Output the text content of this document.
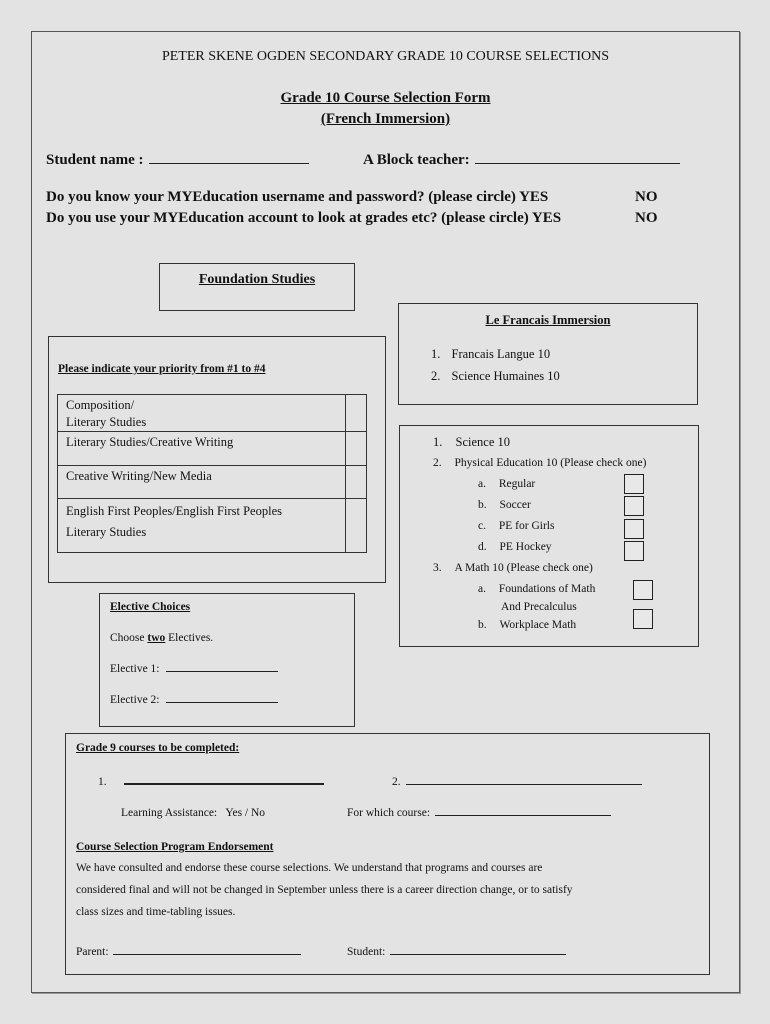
PETER SKENE OGDEN SECONDARY GRADE 10 COURSE SELECTIONS
Grade 10 Course Selection Form
(French Immersion)
Student name :	A Block teacher:
Do you know your MYEducation username and password? (please circle) YES	NO
Do you use your MYEducation account to look at grades etc? (please circle) YES	NO
Foundation Studies
Please indicate your priority from #1 to #4
Composition/
Literary Studies	
Literary Studies/Creative Writing	
Creative Writing/New Media	
English First Peoples/English First Peoples
Literary Studies	
Elective Choices
Choose two Electives.
Elective 1:
Elective 2:
Le Francais Immersion
1. Francais Langue 10
2. Science Humaines 10
1. Science 10
2. Physical Education 10 (Please check one)
a. Regular
b. Soccer
c. PE for Girls
d. PE Hockey
3. A Math 10 (Please check one)
a. Foundations of Math
And Precalculus
b. Workplace Math
Grade 9 courses to be completed:
1.	2.
Learning Assistance:   Yes / No	For which course:
Course Selection Program Endorsement
We have consulted and endorse these course selections. We understand that programs and courses are
considered final and will not be changed in September unless there is a career direction change, or to satisfy
class sizes and time-tabling issues.
Parent:	Student:
